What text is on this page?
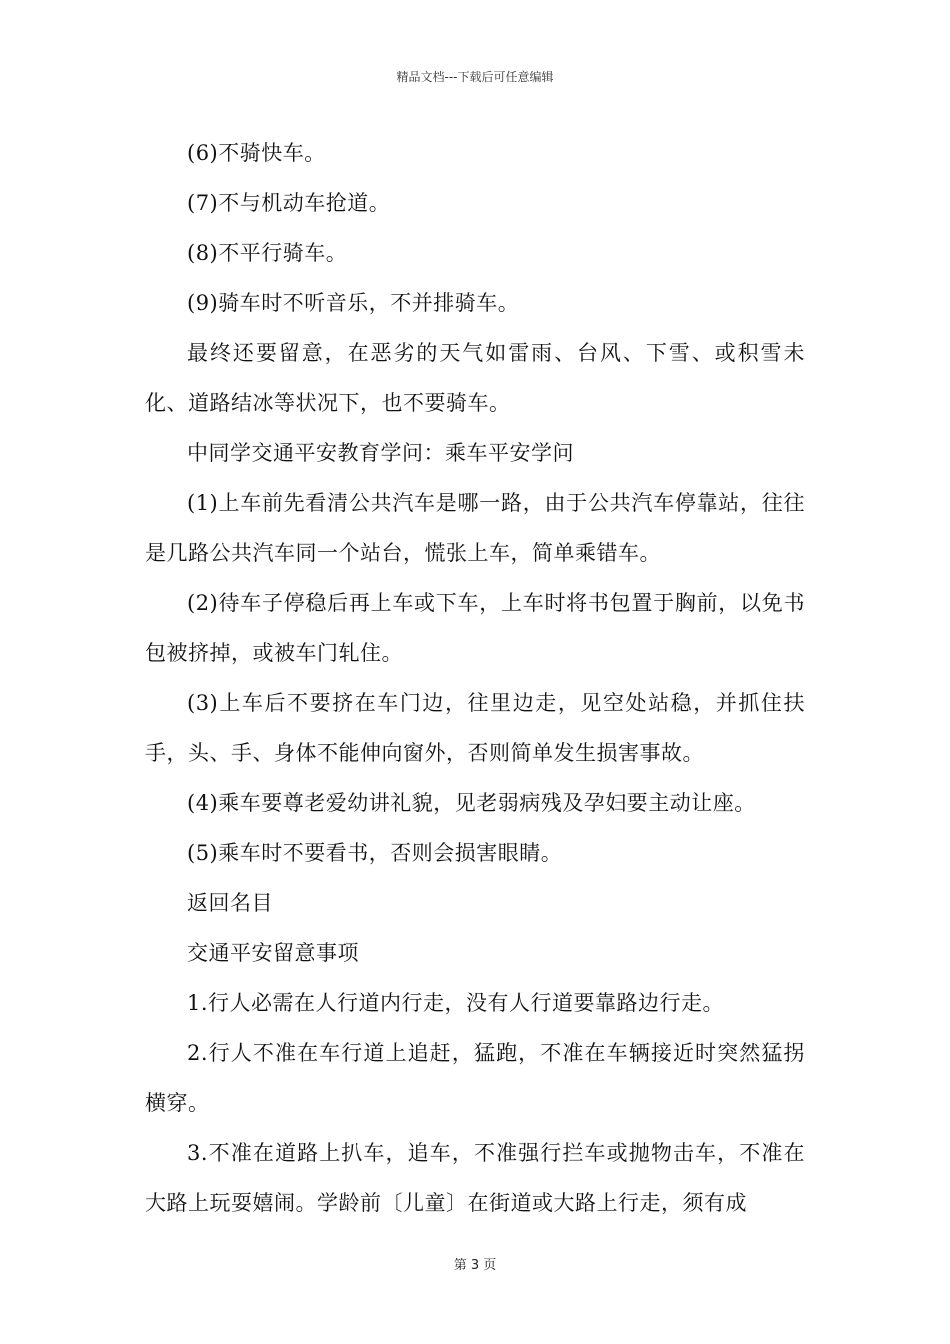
精品文档---下载后可任意编辑

(6)不骑快车。

(7)不与机动车抢道。

(8)不平行骑车。

(9)骑车时不听音乐，不并排骑车。

最终还要留意，在恶劣的天气如雷雨、台风、下雪、或积雪未化、道路结冰等状况下，也不要骑车。

中同学交通平安教育学问：乘车平安学问

(1)上车前先看清公共汽车是哪一路，由于公共汽车停靠站，往往是几路公共汽车同一个站台，慌张上车，简单乘错车。

(2)待车子停稳后再上车或下车，上车时将书包置于胸前，以免书包被挤掉，或被车门轧住。

(3)上车后不要挤在车门边，往里边走，见空处站稳，并抓住扶手，头、手、身体不能伸向窗外，否则简单发生损害事故。

(4)乘车要尊老爱幼讲礼貌，见老弱病残及孕妇要主动让座。

(5)乘车时不要看书，否则会损害眼睛。

返回名目

交通平安留意事项

1.行人必需在人行道内行走，没有人行道要靠路边行走。

2.行人不准在车行道上追赶，猛跑，不准在车辆接近时突然猛拐横穿。

3.不准在道路上扒车，追车，不准强行拦车或抛物击车，不准在大路上玩耍嬉闹。学龄前〔儿童〕在街道或大路上行走，须有成

第 3 页
